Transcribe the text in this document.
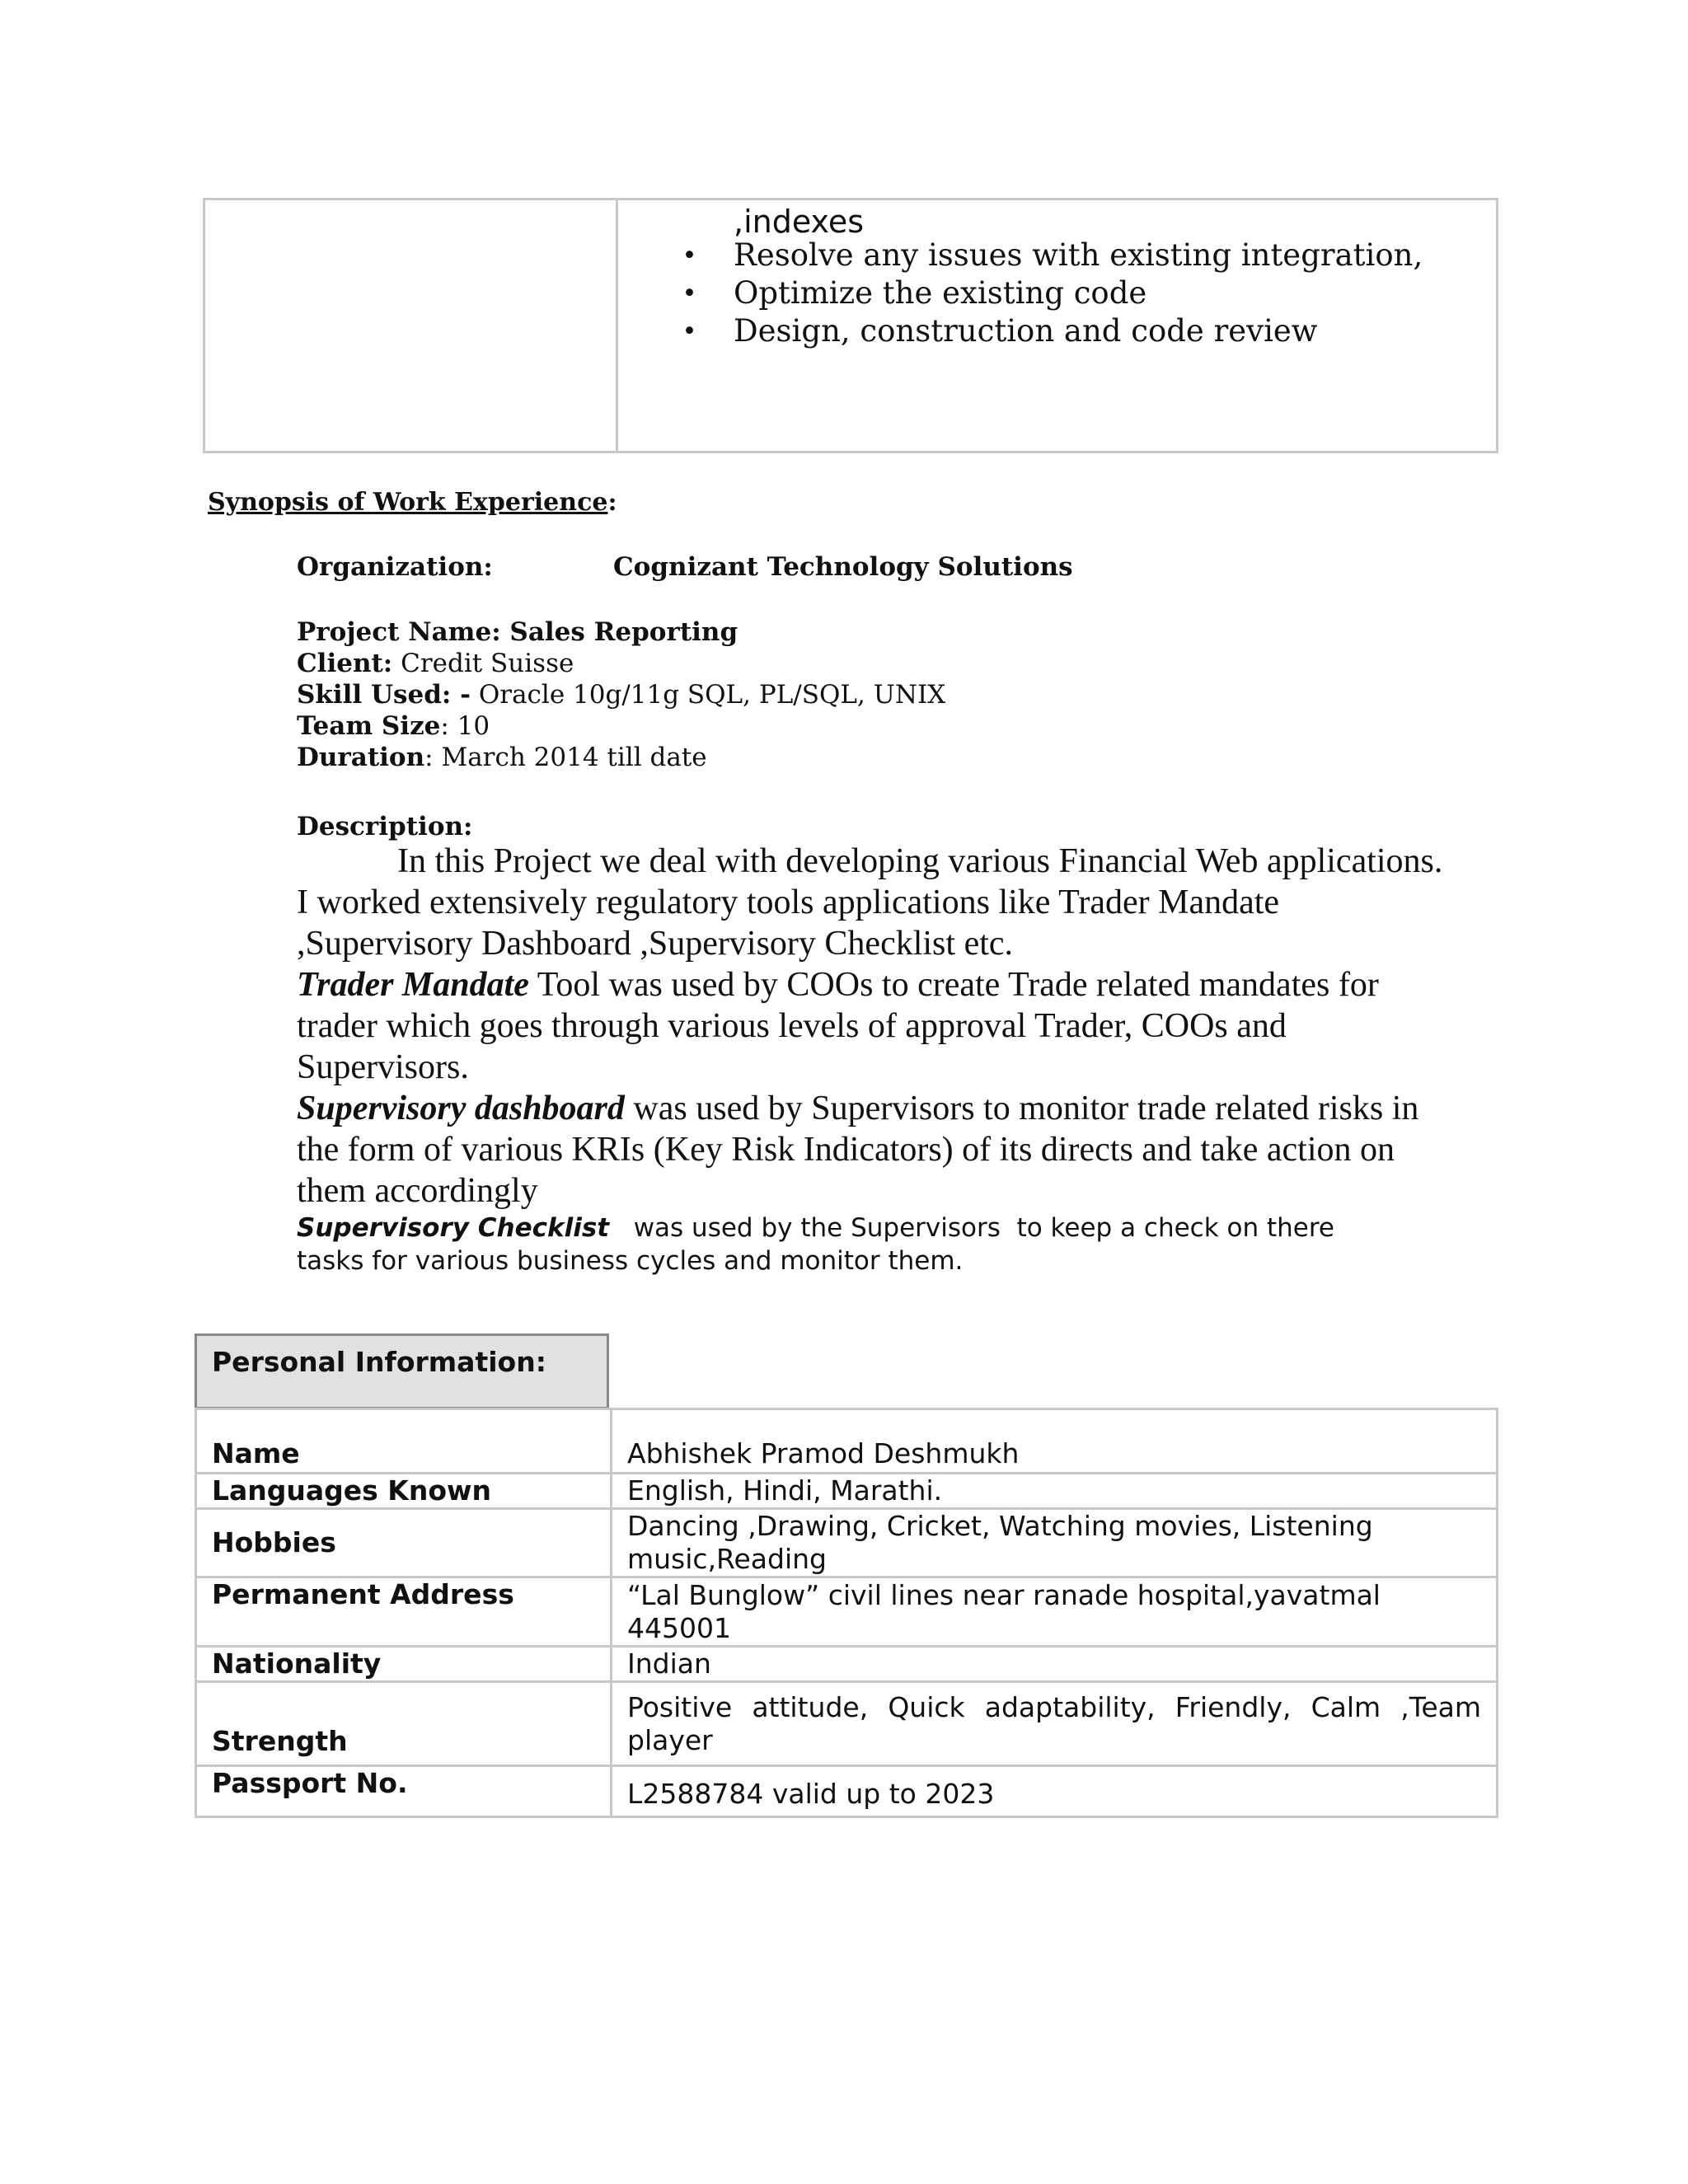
,indexes
• Resolve any issues with existing integration,
• Optimize the existing code
• Design, construction and code review
Synopsis of Work Experience:
Organization:	Cognizant Technology Solutions
Project Name: Sales Reporting
Client: Credit Suisse
Skill Used: - Oracle 10g/11g SQL, PL/SQL, UNIX
Team Size: 10
Duration: March 2014 till date
Description:
In this Project we deal with developing various Financial Web applications.
I worked extensively regulatory tools applications like Trader Mandate
,Supervisory Dashboard ,Supervisory Checklist etc.
Trader Mandate Tool was used by COOs to create Trade related mandates for
trader which goes through various levels of approval Trader, COOs and
Supervisors.
Supervisory dashboard was used by Supervisors to monitor trade related risks in
the form of various KRIs (Key Risk Indicators) of its directs and take action on
them accordingly
Supervisory Checklist   was used by the Supervisors  to keep a check on there
tasks for various business cycles and monitor them.
Personal Information:
Name	Abhishek Pramod Deshmukh
Languages Known	English, Hindi, Marathi.
Hobbies	Dancing ,Drawing, Cricket, Watching movies, Listening music,Reading
Permanent Address	“Lal Bunglow” civil lines near ranade hospital,yavatmal 445001
Nationality	Indian
Strength	Positive attitude, Quick adaptability, Friendly, Calm ,Team player
Passport No.	L2588784 valid up to 2023
